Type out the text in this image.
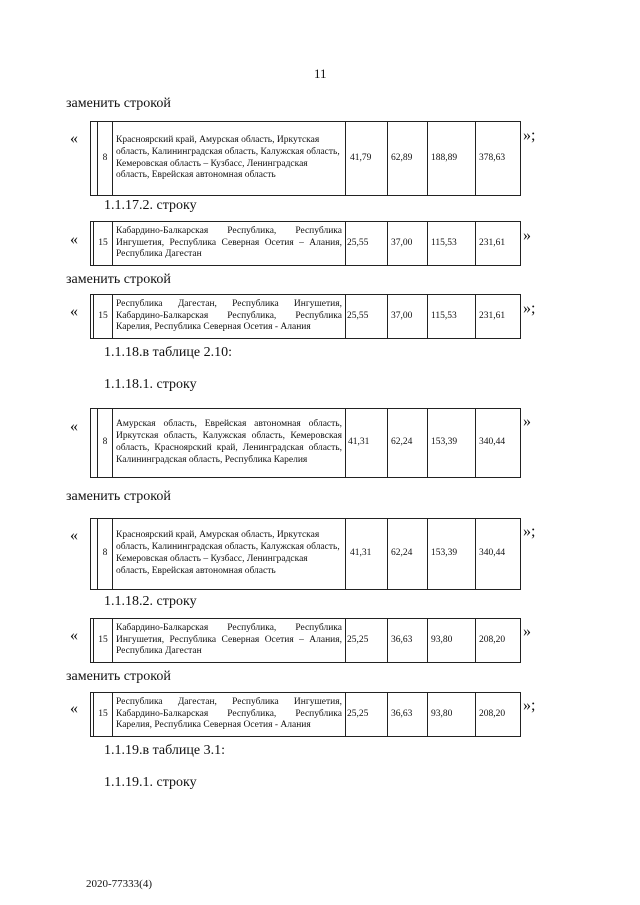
11
заменить строкой
«
	8	Красноярский край, Амурская область, Иркутская область, Калининградская область, Калужская область, Кемеровская область – Кузбасс, Ленинградская область, Еврейская автономная область	41,79	62,89	188,89	378,63
»;
1.1.17.2. строку
«
	15	Кабардино-Балкарская Республика, Республика Ингушетия, Республика Северная Осетия – Алания, Республика Дагестан	25,55	37,00	115,53	231,61 »
заменить строкой
«
	15	Республика Дагестан, Республика Ингушетия, Кабардино-Балкарская Республика, Республика Карелия, Республика Северная Осетия - Алания	25,55	37,00	115,53	231,61 »;
1.1.18.в таблице 2.10:
1.1.18.1. строку
«
	8	Амурская область, Еврейская автономная область, Иркутская область, Калужская область, Кемеровская область, Красноярский край, Ленинградская область, Калининградская область, Республика Карелия	41,31	62,24	153,39	340,44
»
заменить строкой
«
	8	Красноярский край, Амурская область, Иркутская область, Калининградская область, Калужская область, Кемеровская область – Кузбасс, Ленинградская область, Еврейская автономная область	41,31	62,24	153,39	340,44
»;
1.1.18.2. строку
«
	15	Кабардино-Балкарская Республика, Республика Ингушетия, Республика Северная Осетия – Алания, Республика Дагестан	25,25	36,63	93,80	208,20 »
заменить строкой
«
	15	Республика Дагестан, Республика Ингушетия, Кабардино-Балкарская Республика, Республика Карелия, Республика Северная Осетия - Алания	25,25	36,63	93,80	208,20 »;
1.1.19.в таблице 3.1:
1.1.19.1. строку
2020-77333(4)
